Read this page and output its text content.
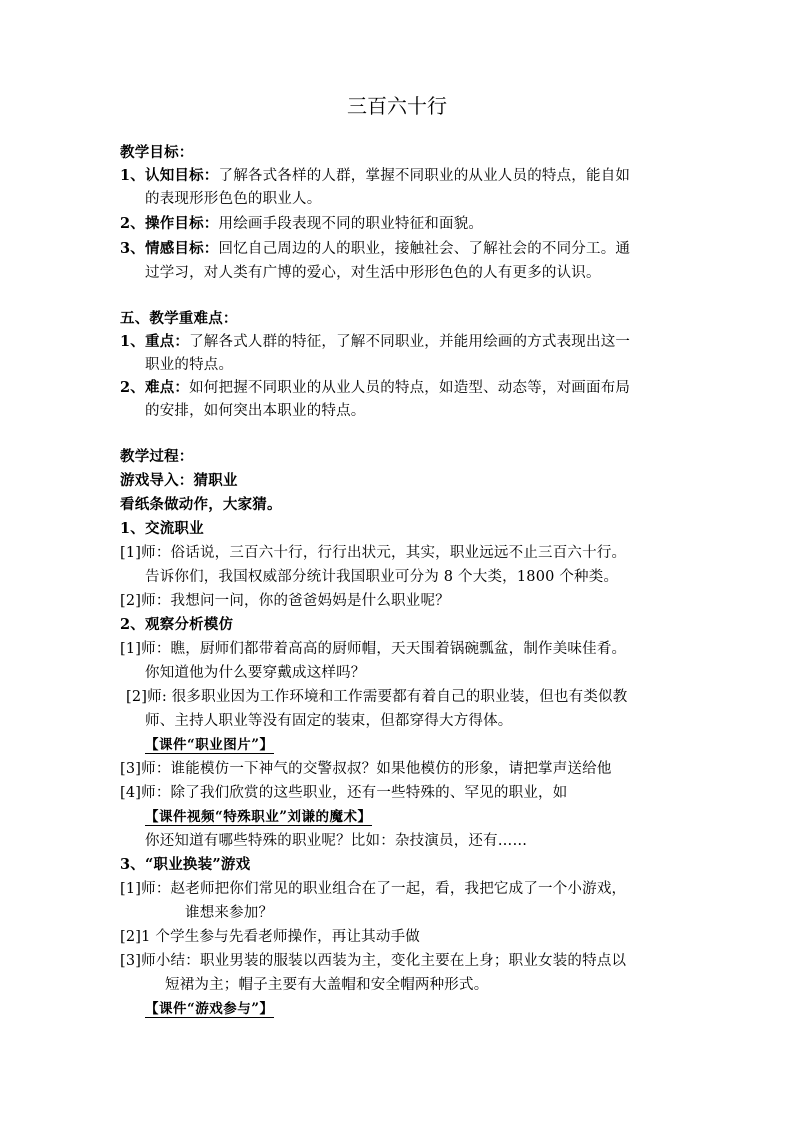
三百六十行
教学目标：
1、认知目标：了解各式各样的人群，掌握不同职业的从业人员的特点，能自如
的表现形形色色的职业人。
2、操作目标：用绘画手段表现不同的职业特征和面貌。
3、情感目标：回忆自己周边的人的职业，接触社会、了解社会的不同分工。通
过学习，对人类有广博的爱心，对生活中形形色色的人有更多的认识。
五、教学重难点：
1、重点：了解各式人群的特征，了解不同职业，并能用绘画的方式表现出这一
职业的特点。
2、难点：如何把握不同职业的从业人员的特点，如造型、动态等，对画面布局
的安排，如何突出本职业的特点。
教学过程：
游戏导入：猜职业
看纸条做动作，大家猜。
1、交流职业
[1]师：俗话说，三百六十行，行行出状元，其实，职业远远不止三百六十行。
告诉你们，我国权威部分统计我国职业可分为 8 个大类，1800 个种类。
[2]师：我想问一问，你的爸爸妈妈是什么职业呢？
2、观察分析模仿
[1]师：瞧，厨师们都带着高高的厨师帽，天天围着锅碗瓢盆，制作美味佳肴。
你知道他为什么要穿戴成这样吗？
[2]师: 很多职业因为工作环境和工作需要都有着自己的职业装，但也有类似教
师、主持人职业等没有固定的装束，但都穿得大方得体。
【课件“职业图片”】
[3]师：谁能模仿一下神气的交警叔叔？如果他模仿的形象，请把掌声送给他
[4]师：除了我们欣赏的这些职业，还有一些特殊的、罕见的职业，如
【课件视频“特殊职业”刘谦的魔术】
你还知道有哪些特殊的职业呢？比如：杂技演员，还有……
3、“职业换装”游戏
[1]师：赵老师把你们常见的职业组合在了一起，看，我把它成了一个小游戏，
谁想来参加？
[2]1 个学生参与先看老师操作，再让其动手做
[3]师小结：职业男装的服装以西装为主，变化主要在上身；职业女装的特点以
短裙为主；帽子主要有大盖帽和安全帽两种形式。
【课件“游戏参与”】
